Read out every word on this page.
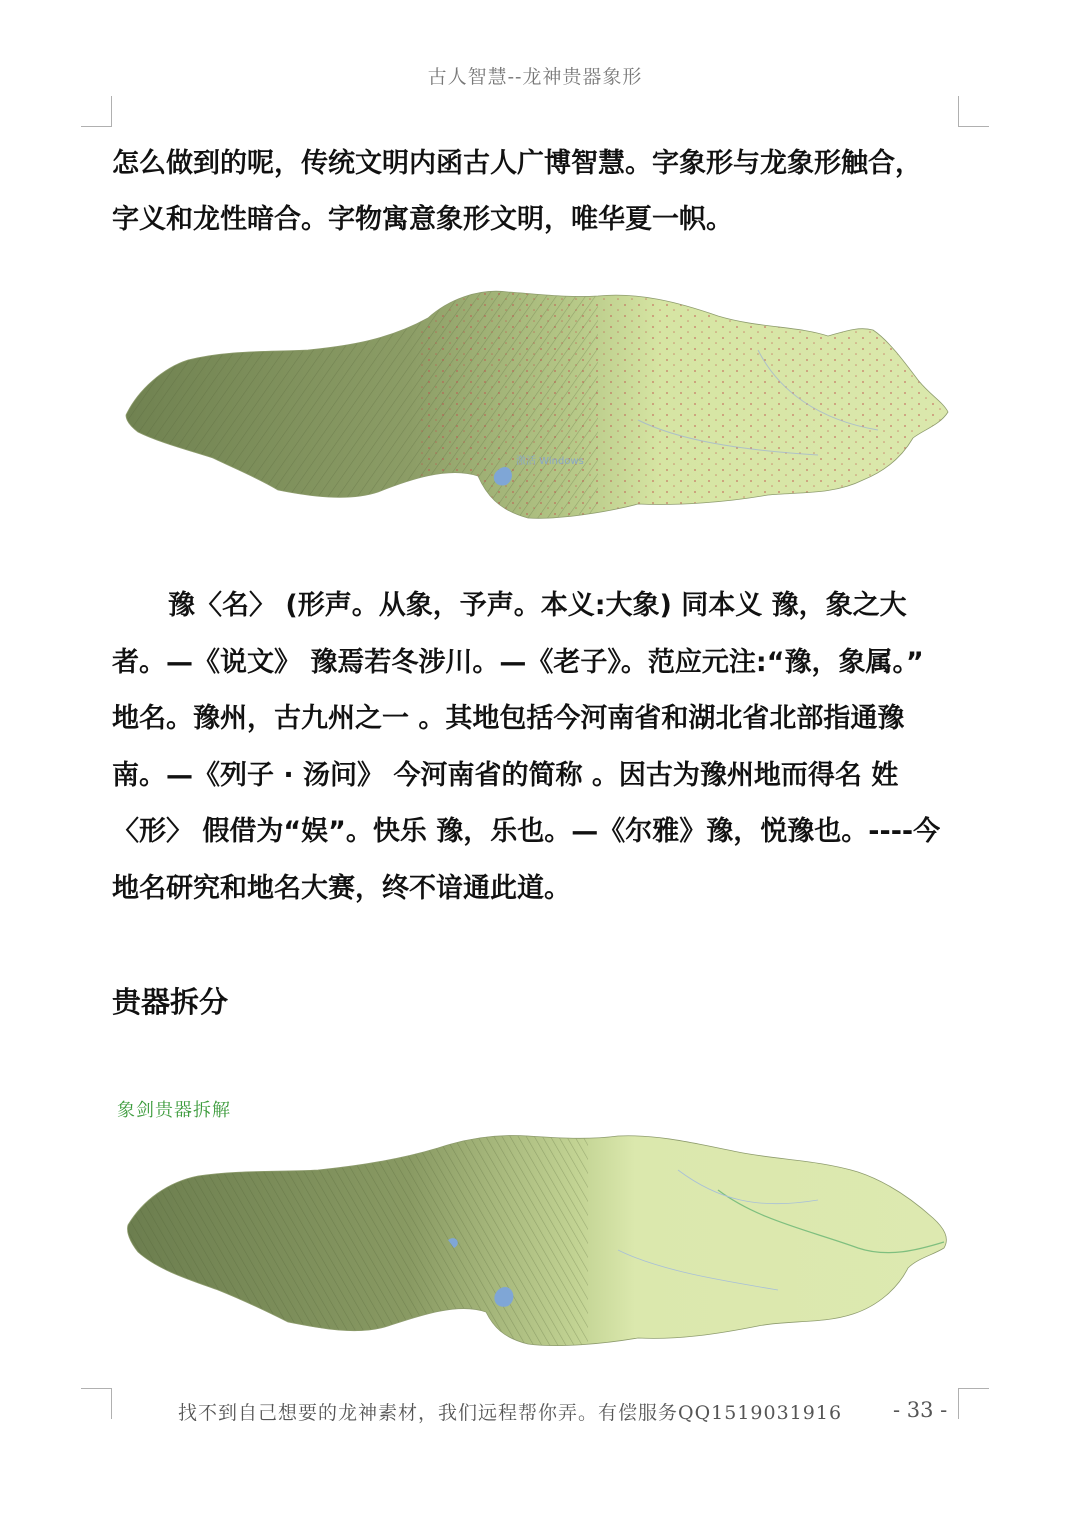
古人智慧--龙神贵器象形

怎么做到的呢，传统文明内函古人广博智慧。字象形与龙象形触合，字义和龙性暗合。字物寓意象形文明，唯华夏一帜。

激活 Windows

豫〈名〉 (形声。从象，予声。本义:大象) 同本义 豫，象之大者。—《说文》 豫焉若冬涉川。—《老子》。范应元注:“豫，象属。” 地名。豫州，古九州之一 。其地包括今河南省和湖北省北部指通豫南。—《列子 · 汤问》 今河南省的简称 。因古为豫州地而得名 姓 〈形〉 假借为“娱”。快乐 豫，乐也。—《尔雅》豫，悦豫也。----今地名研究和地名大赛，终不谙通此道。

贵器拆分
象剑贵器拆解
找不到自己想要的龙神素材，我们远程帮你弄。有偿服务QQ1519031916 - 33 -
